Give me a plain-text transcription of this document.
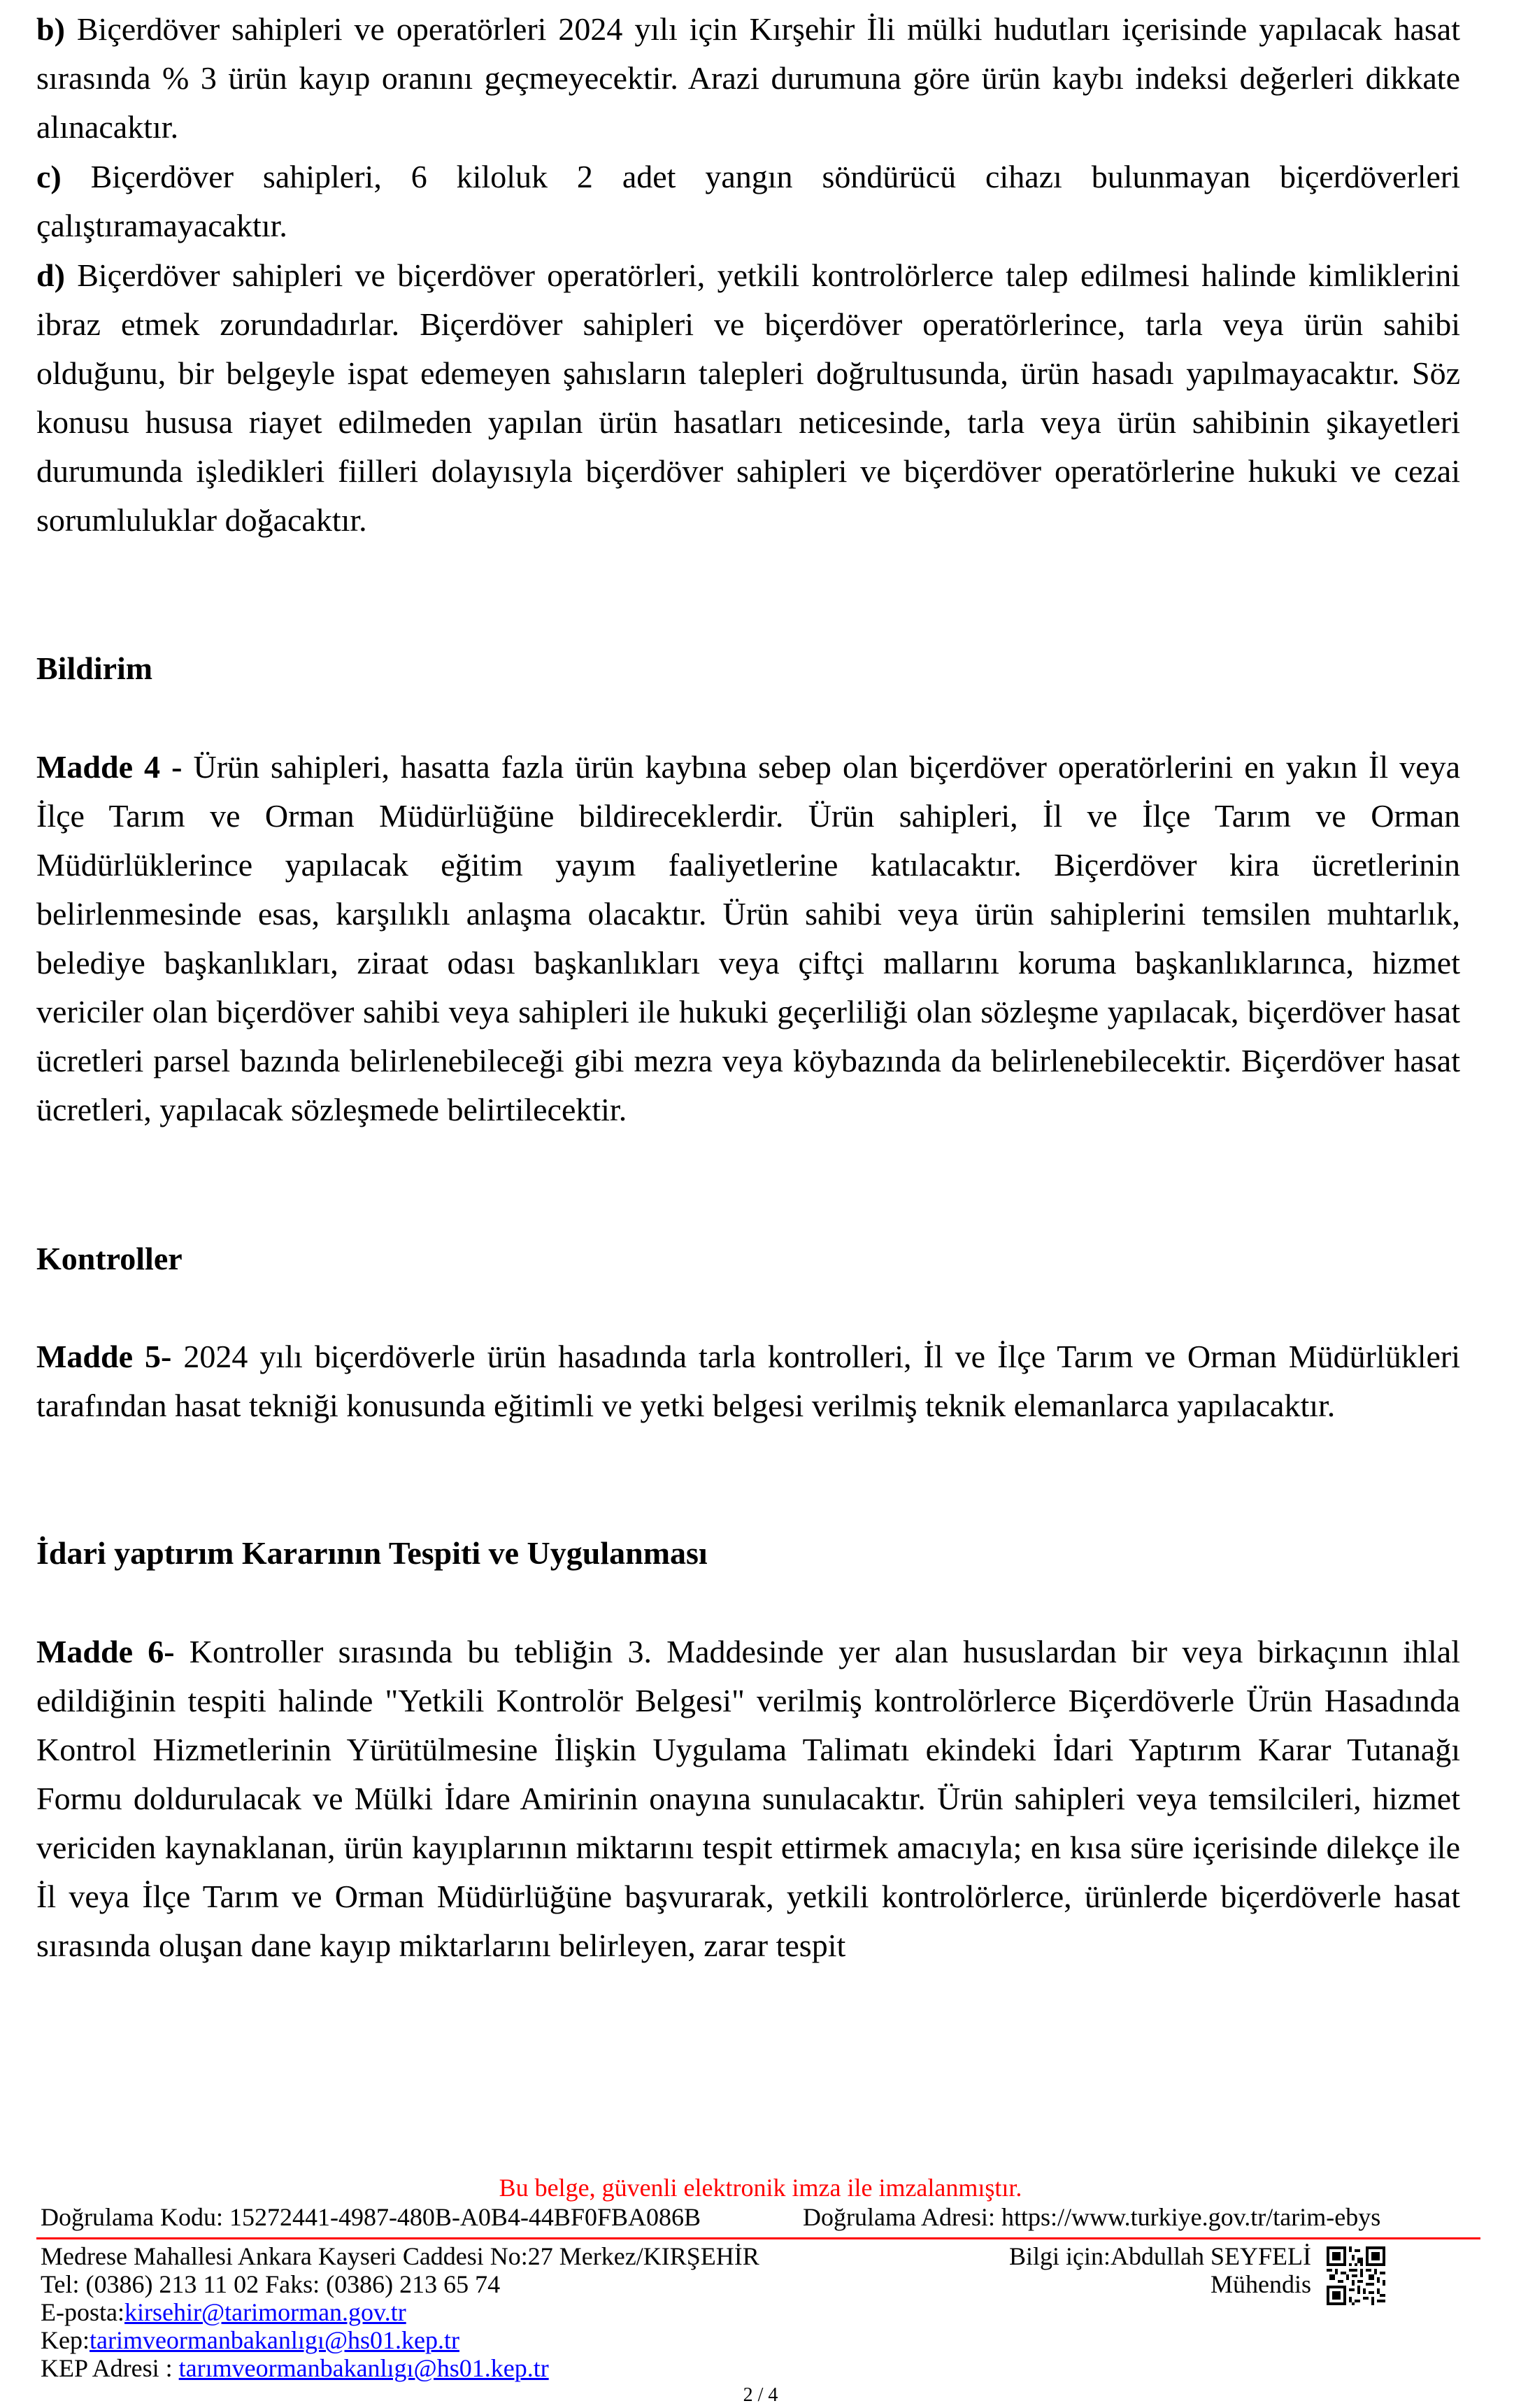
b) Biçerdöver sahipleri ve operatörleri 2024 yılı için Kırşehir İli mülki hudutları içerisinde yapılacak hasat sırasında % 3 ürün kayıp oranını geçmeyecektir. Arazi durumuna göre ürün kaybı indeksi değerleri dikkate alınacaktır.

c) Biçerdöver sahipleri, 6 kiloluk 2 adet yangın söndürücü cihazı bulunmayan biçerdöverleri çalıştıramayacaktır.

d) Biçerdöver sahipleri ve biçerdöver operatörleri, yetkili kontrolörlerce talep edilmesi halinde kimliklerini ibraz etmek zorundadırlar. Biçerdöver sahipleri ve biçerdöver operatörlerince, tarla veya ürün sahibi olduğunu, bir belgeyle ispat edemeyen şahısların talepleri doğrultusunda, ürün hasadı yapılmayacaktır. Söz konusu hususa riayet edilmeden yapılan ürün hasatları neticesinde, tarla veya ürün sahibinin şikayetleri durumunda işledikleri fiilleri dolayısıyla biçerdöver sahipleri ve biçerdöver operatörlerine hukuki ve cezai sorumluluklar doğacaktır.

Bildirim

Madde 4 - Ürün sahipleri, hasatta fazla ürün kaybına sebep olan biçerdöver operatörlerini en yakın İl veya İlçe Tarım ve Orman Müdürlüğüne bildireceklerdir. Ürün sahipleri, İl ve İlçe Tarım ve Orman Müdürlüklerince yapılacak eğitim yayım faaliyetlerine katılacaktır. Biçerdöver kira ücretlerinin belirlenmesinde esas, karşılıklı anlaşma olacaktır. Ürün sahibi veya ürün sahiplerini temsilen muhtarlık, belediye başkanlıkları, ziraat odası başkanlıkları veya çiftçi mallarını koruma başkanlıklarınca, hizmet vericiler olan biçerdöver sahibi veya sahipleri ile hukuki geçerliliği olan sözleşme yapılacak, biçerdöver hasat ücretleri parsel bazında belirlenebileceği gibi mezra veya köybazında da belirlenebilecektir. Biçerdöver hasat ücretleri, yapılacak sözleşmede belirtilecektir.

Kontroller

Madde 5- 2024 yılı biçerdöverle ürün hasadında tarla kontrolleri, İl ve İlçe Tarım ve Orman Müdürlükleri tarafından hasat tekniği konusunda eğitimli ve yetki belgesi verilmiş teknik elemanlarca yapılacaktır.

İdari yaptırım Kararının Tespiti ve Uygulanması

Madde 6- Kontroller sırasında bu tebliğin 3. Maddesinde yer alan hususlardan bir veya birkaçının ihlal edildiğinin tespiti halinde "Yetkili Kontrolör Belgesi" verilmiş kontrolörlerce Biçerdöverle Ürün Hasadında Kontrol Hizmetlerinin Yürütülmesine İlişkin Uygulama Talimatı ekindeki İdari Yaptırım Karar Tutanağı Formu doldurulacak ve Mülki İdare Amirinin onayına sunulacaktır. Ürün sahipleri veya temsilcileri, hizmet vericiden kaynaklanan, ürün kayıplarının miktarını tespit ettirmek amacıyla; en kısa süre içerisinde dilekçe ile İl veya İlçe Tarım ve Orman Müdürlüğüne başvurarak, yetkili kontrolörlerce, ürünlerde biçerdöverle hasat sırasında oluşan dane kayıp miktarlarını belirleyen, zarar tespit

Bu belge, güvenli elektronik imza ile imzalanmıştır.
Doğrulama Kodu: 15272441-4987-480B-A0B4-44BF0FBA086B	Doğrulama Adresi: https://www.turkiye.gov.tr/tarim-ebys
Medrese Mahallesi Ankara Kayseri Caddesi No:27 Merkez/KIRŞEHİR
Tel: (0386) 213 11 02 Faks: (0386) 213 65 74
E-posta:kirsehir@tarimorman.gov.tr
Kep:tarimveormanbakanlıgı@hs01.kep.tr
KEP Adresi : tarımveormanbakanlıgı@hs01.kep.tr
Bilgi için:Abdullah SEYFELİ
Mühendis
2 / 4
